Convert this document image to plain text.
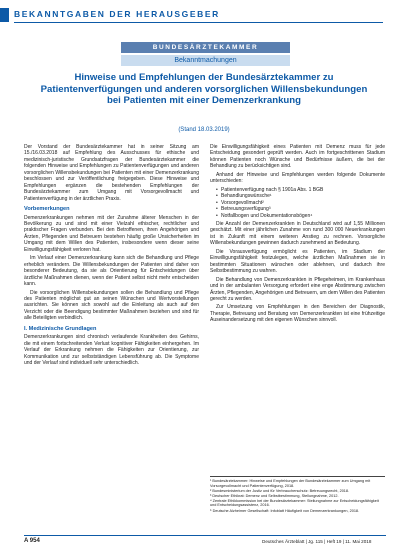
BEKANNTGABEN DER HERAUSGEBER
BUNDESÄRZTEKAMMER
Bekanntmachungen
Hinweise und Empfehlungen der Bundesärztekammer zu
Patientenverfügungen und anderen vorsorglichen Willensbekundungen
bei Patienten mit einer Demenzerkrankung
(Stand 18.03.2019)

Der Vorstand der Bundesärztekammer hat in seiner Sitzung am 15./16.03.2018 auf Empfehlung des Ausschusses für ethische und medizinisch-juristische Grundsatzfragen der Bundesärztekammer die folgenden Hinweise und Empfehlungen zu Patientenverfügungen und anderen vorsorglichen Willensbekundungen bei Patienten mit einer Demenzerkrankung beschlossen und zur Veröffentlichung freigegeben. Diese Hinweise und Empfehlungen ergänzen die bestehenden Empfehlungen der Bundesärztekammer zum Umgang mit Vorsorgevollmacht und Patientenverfügung in der ärztlichen Praxis.

Vorbemerkungen

Demenzerkrankungen nehmen mit der Zunahme älterer Menschen in der Bevölkerung zu und sind mit einer Vielzahl ethischer, rechtlicher und praktischer Fragen verbunden. Bei den Betroffenen, ihren Angehörigen und Ärzten, Pflegenden und Betreuern bestehen häufig große Unsicherheiten im Umgang mit dem Willen des Patienten, insbesondere wenn dieser seine Einwilligungsfähigkeit verloren hat.

Im Verlauf einer Demenzerkrankung kann sich die Behandlung und Pflege erheblich verändern. Die Willensbekundungen der Patienten sind daher von besonderer Bedeutung, da sie als Orientierung für Entscheidungen über ärztliche Maßnahmen dienen, wenn der Patient selbst nicht mehr entscheiden kann.

Die vorsorglichen Willensbekundungen sollen die Behandlung und Pflege des Patienten möglichst gut an seinen Wünschen und Wertvorstellungen ausrichten. Sie können sich sowohl auf die Einleitung als auch auf den Verzicht oder die Beendigung bestimmter Maßnahmen beziehen und sind für alle Beteiligten verbindlich.

I. Medizinische Grundlagen

Demenzerkrankungen sind chronisch verlaufende Krankheiten des Gehirns, die mit einem fortschreitenden Verlust kognitiver Fähigkeiten einhergehen. Im Verlauf der Erkrankung nehmen die Fähigkeiten zur Orientierung, zur Kommunikation und zur selbstständigen Lebensführung ab. Die Symptome und der Verlauf sind individuell sehr unterschiedlich.

Die Einwilligungsfähigkeit eines Patienten mit Demenz muss für jede Entscheidung gesondert geprüft werden. Auch im fortgeschrittenen Stadium können Patienten noch Wünsche und Bedürfnisse äußern, die bei der Behandlung zu berücksichtigen sind.

Anhand der Hinweise und Empfehlungen werden folgende Dokumente unterschieden:

• Patientenverfügung nach § 1901a Abs. 1 BGB
• Behandlungswünsche¹
• Vorsorgevollmacht²
• Betreuungsverfügung³
• Notfallbogen und Dokumentationsbögen⁴

Die Anzahl der Demenzerkrankten in Deutschland wird auf 1,55 Millionen geschätzt. Mit einer jährlichen Zunahme von rund 300 000 Neuerkrankungen ist in Zukunft mit einem weiteren Anstieg zu rechnen. Vorsorgliche Willensbekundungen gewinnen dadurch zunehmend an Bedeutung.

Die Vorausverfügung ermöglicht es Patienten, im Stadium der Einwilligungsfähigkeit festzulegen, welche ärztlichen Maßnahmen sie in bestimmten Situationen wünschen oder ablehnen, und dadurch ihre Selbstbestimmung zu wahren.

Die Behandlung von Demenzerkrankten in Pflegeheimen, im Krankenhaus und in der ambulanten Versorgung erfordert eine enge Abstimmung zwischen Ärzten, Pflegenden, Angehörigen und Betreuern, um dem Willen des Patienten gerecht zu werden.

Zur Umsetzung von Empfehlungen in den Bereichen der Diagnostik, Therapie, Betreuung und Beratung von Demenzerkrankten ist eine frühzeitige Auseinandersetzung mit den eigenen Wünschen sinnvoll.

¹ Bundesärztekammer: Hinweise und Empfehlungen der Bundesärztekammer zum Umgang mit Vorsorgevollmacht und Patientenverfügung, 2018.
² Bundesministerium der Justiz und für Verbraucherschutz: Betreuungsrecht, 2018.
³ Deutscher Ethikrat: Demenz und Selbstbestimmung, Stellungnahme, 2012.
⁴ Zentrale Ethikkommission bei der Bundesärztekammer: Stellungnahme zur Entscheidungsfähigkeit und Entscheidungsassistenz, 2016.
⁵ Deutsche Alzheimer Gesellschaft: Infoblatt Häufigkeit von Demenzerkrankungen, 2018.
A 954	Deutsches Ärzteblatt | Jg. 115 | Heft 19 | 11. Mai 2018
